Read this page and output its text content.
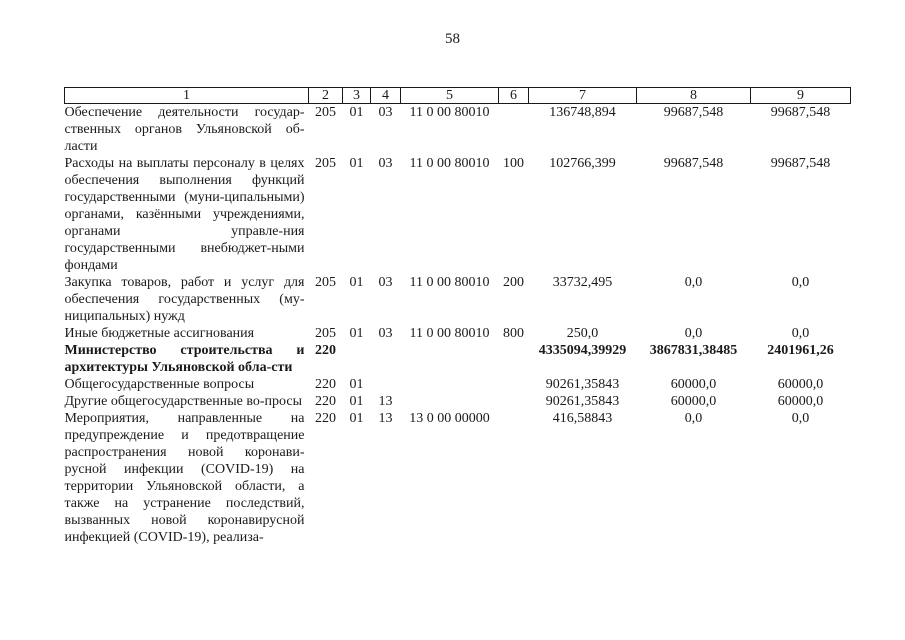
58
1	2	3	4	5	6	7	8	9
Обеспечение деятельности государ-ственных органов Ульяновской об-ласти	205	01	03	11 0 00 80010		136748,894	99687,548	99687,548
Расходы на выплаты персоналу в целях обеспечения выполнения функций государственными (муни-ципальными) органами, казёнными учреждениями, органами управле-ния государственными внебюджет-ными фондами	205	01	03	11 0 00 80010	100	102766,399	99687,548	99687,548
Закупка товаров, работ и услуг для обеспечения государственных (му-ниципальных) нужд	205	01	03	11 0 00 80010	200	33732,495	0,0	0,0
Иные бюджетные ассигнования	205	01	03	11 0 00 80010	800	250,0	0,0	0,0
Министерство строительства и архитектуры Ульяновской обла-сти	220					4335094,39929	3867831,38485	2401961,26
Общегосударственные вопросы	220	01				90261,35843	60000,0	60000,0
Другие общегосударственные во-просы	220	01	13			90261,35843	60000,0	60000,0
Мероприятия, направленные на предупреждение и предотвращение распространения новой коронави-русной инфекции (COVID-19) на территории Ульяновской области, а также на устранение последствий, вызванных новой коронавирусной инфекцией (COVID-19), реализа-	220	01	13	13 0 00 00000		416,58843	0,0	0,0
